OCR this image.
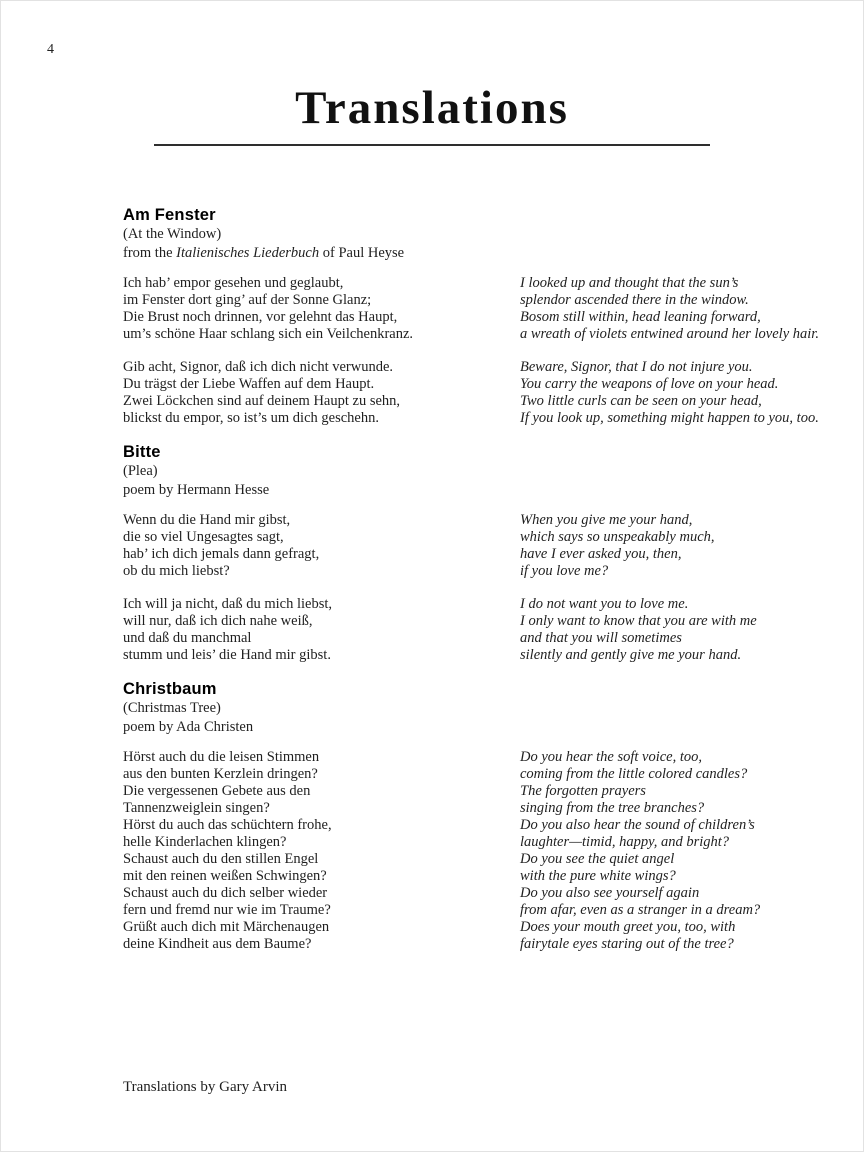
4
Translations
Am Fenster
(At the Window)
from the Italienisches Liederbuch of Paul Heyse
Ich hab’ empor gesehen und geglaubt,
im Fenster dort ging’ auf der Sonne Glanz;
Die Brust noch drinnen, vor gelehnt das Haupt,
um’s schöne Haar schlang sich ein Veilchenkranz.
I looked up and thought that the sun’s
splendor ascended there in the window.
Bosom still within, head leaning forward,
a wreath of violets entwined around her lovely hair.
Gib acht, Signor, daß ich dich nicht verwunde.
Du trägst der Liebe Waffen auf dem Haupt.
Zwei Löckchen sind auf deinem Haupt zu sehn,
blickst du empor, so ist’s um dich geschehn.
Beware, Signor, that I do not injure you.
You carry the weapons of love on your head.
Two little curls can be seen on your head,
If you look up, something might happen to you, too.
Bitte
(Plea)
poem by Hermann Hesse
Wenn du die Hand mir gibst,
die so viel Ungesagtes sagt,
hab’ ich dich jemals dann gefragt,
ob du mich liebst?
When you give me your hand,
which says so unspeakably much,
have I ever asked you, then,
if you love me?
Ich will ja nicht, daß du mich liebst,
will nur, daß ich dich nahe weiß,
und daß du manchmal
stumm und leis’ die Hand mir gibst.
I do not want you to love me.
I only want to know that you are with me
and that you will sometimes
silently and gently give me your hand.
Christbaum
(Christmas Tree)
poem by Ada Christen
Hörst auch du die leisen Stimmen
aus den bunten Kerzlein dringen?
Die vergessenen Gebete aus den
Tannenzweiglein singen?
Hörst du auch das schüchtern frohe,
helle Kinderlachen klingen?
Schaust auch du den stillen Engel
mit den reinen weißen Schwingen?
Schaust auch du dich selber wieder
fern und fremd nur wie im Traume?
Grüßt auch dich mit Märchenaugen
deine Kindheit aus dem Baume?
Do you hear the soft voice, too,
coming from the little colored candles?
The forgotten prayers
singing from the tree branches?
Do you also hear the sound of children’s
laughter—timid, happy, and bright?
Do you see the quiet angel
with the pure white wings?
Do you also see yourself again
from afar, even as a stranger in a dream?
Does your mouth greet you, too, with
fairytale eyes staring out of the tree?
Translations by Gary Arvin
